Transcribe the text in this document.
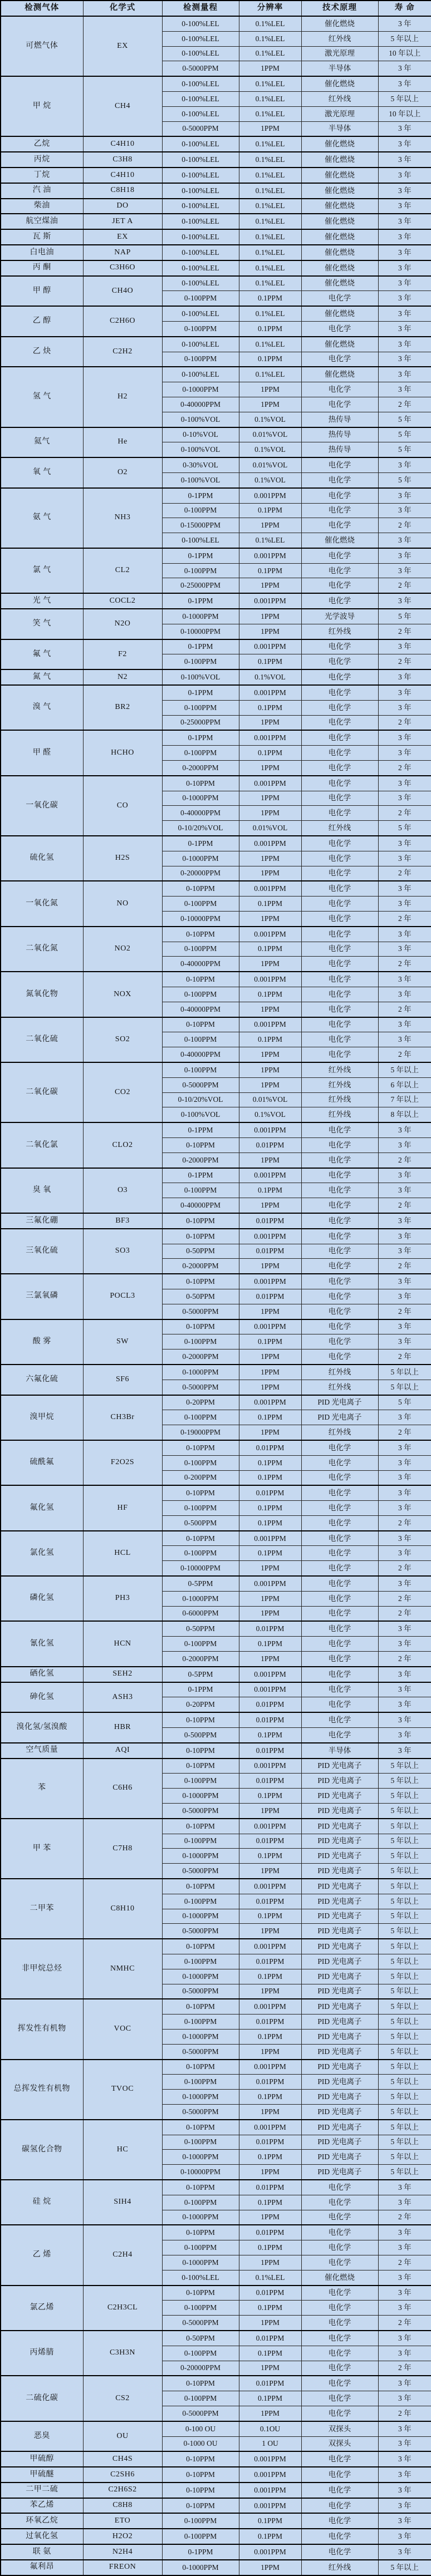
检测气体	化学式	检测量程	分辨率	技术原理	寿 命
可燃气体	EX	0-100%LEL	0.1%LEL	催化燃烧	3 年
		0-100%LEL	0.1%LEL	红外线	5 年以上
		0-100%LEL	0.1%LEL	激光原理	10 年以上
		0-5000PPM	1PPM	半导体	3 年
甲 烷	CH4	0-100%LEL	0.1%LEL	催化燃烧	3 年
		0-100%LEL	0.1%LEL	红外线	5 年以上
		0-100%LEL	0.1%LEL	激光原理	10 年以上
		0-5000PPM	1PPM	半导体	3 年
乙烷	C4H10	0-100%LEL	0.1%LEL	催化燃烧	3 年
丙烷	C3H8	0-100%LEL	0.1%LEL	催化燃烧	3 年
丁烷	C4H10	0-100%LEL	0.1%LEL	催化燃烧	3 年
汽 油	C8H18	0-100%LEL	0.1%LEL	催化燃烧	3 年
柴油	DO	0-100%LEL	0.1%LEL	催化燃烧	3 年
航空煤油	JET A	0-100%LEL	0.1%LEL	催化燃烧	3 年
瓦 斯	EX	0-100%LEL	0.1%LEL	催化燃烧	3 年
白电油	NAP	0-100%LEL	0.1%LEL	催化燃烧	3 年
丙 酮	C3H6O	0-100%LEL	0.1%LEL	催化燃烧	3 年
甲 醇	CH4O	0-100%LEL	0.1%LEL	催化燃烧	3 年
		0-100PPM	0.1PPM	电化学	3 年
乙 醇	C2H6O	0-100%LEL	0.1%LEL	催化燃烧	3 年
		0-100PPM	0.1PPM	电化学	3 年
乙 炔	C2H2	0-100%LEL	0.1%LEL	催化燃烧	3 年
		0-100PPM	0.1PPM	电化学	3 年
氢 气	H2	0-100%LEL	0.1%LEL	催化燃烧	3 年
		0-1000PPM	1PPM	电化学	3 年
		0-40000PPM	1PPM	电化学	2 年
		0-100%VOL	0.1%VOL	热传导	5 年
氦气	He	0-10%VOL	0.01%VOL	热传导	5 年
		0-100%VOL	0.1%VOL	热传导	5 年
氧 气	O2	0-30%VOL	0.01%VOL	电化学	3 年
		0-100%VOL	0.1%VOL	电化学	5 年
氨 气	NH3	0-1PPM	0.001PPM	电化学	3 年
		0-100PPM	0.1PPM	电化学	3 年
		0-15000PPM	1PPM	电化学	2 年
		0-100%LEL	0.1%LEL	催化燃烧	3 年
氯 气	CL2	0-1PPM	0.001PPM	电化学	3 年
		0-100PPM	0.1PPM	电化学	3 年
		0-25000PPM	1PPM	电化学	2 年
光 气	COCL2	0-1PPM	0.001PPM	电化学	3 年
笑 气	N2O	0-1000PPM	1PPM	光学波导	5 年
		0-10000PPM	1PPM	红外线	2 年
氟 气	F2	0-1PPM	0.001PPM	电化学	3 年
		0-100PPM	0.1PPM	电化学	2 年
氮 气	N2	0-100%VOL	0.1%VOL	电化学	3 年
溴 气	BR2	0-1PPM	0.001PPM	电化学	3 年
		0-100PPM	0.1PPM	电化学	3 年
		0-25000PPM	1PPM	电化学	2 年
甲 醛	HCHO	0-1PPM	0.001PPM	电化学	3 年
		0-100PPM	0.1PPM	电化学	3 年
		0-2000PPM	1PPM	电化学	2 年
一氧化碳	CO	0-10PPM	0.001PPM	电化学	3 年
		0-1000PPM	1PPM	电化学	3 年
		0-40000PPM	1PPM	电化学	2 年
		0-10/20%VOL	0.01%VOL	红外线	5 年
硫化氢	H2S	0-1PPM	0.001PPM	电化学	3 年
		0-1000PPM	1PPM	电化学	3 年
		0-20000PPM	1PPM	电化学	2 年
一氧化氮	NO	0-10PPM	0.001PPM	电化学	3 年
		0-100PPM	0.1PPM	电化学	3 年
		0-10000PPM	1PPM	电化学	2 年
二氧化氮	NO2	0-10PPM	0.001PPM	电化学	3 年
		0-100PPM	0.1PPM	电化学	3 年
		0-40000PPM	1PPM	电化学	2 年
氮氧化物	NOX	0-10PPM	0.001PPM	电化学	3 年
		0-100PPM	0.1PPM	电化学	3 年
		0-40000PPM	1PPM	电化学	2 年
二氧化硫	SO2	0-10PPM	0.001PPM	电化学	3 年
		0-100PPM	0.1PPM	电化学	3 年
		0-40000PPM	1PPM	电化学	2 年
二氧化碳	CO2	0-100PPM	1PPM	红外线	5 年以上
		0-5000PPM	1PPM	红外线	6 年以上
		0-10/20%VOL	0.01%VOL	红外线	7 年以上
		0-100%VOL	0.1%VOL	红外线	8 年以上
二氧化氯	CLO2	0-1PPM	0.001PPM	电化学	3 年
		0-10PPM	0.01PPM	电化学	3 年
		0-2000PPM	1PPM	电化学	2 年
臭 氧	O3	0-1PPM	0.001PPM	电化学	3 年
		0-100PPM	0.1PPM	电化学	3 年
		0-40000PPM	1PPM	电化学	2 年
三氟化硼	BF3	0-10PPM	0.01PPM	电化学	3 年
三氧化硫	SO3	0-10PPM	0.001PPM	电化学	3 年
		0-50PPM	0.01PPM	电化学	3 年
		0-2000PPM	1PPM	电化学	2 年
三氯氧磷	POCL3	0-10PPM	0.001PPM	电化学	3 年
		0-50PPM	0.01PPM	电化学	3 年
		0-5000PPM	1PPM	电化学	2 年
酸 雾	SW	0-10PPM	0.001PPM	电化学	3 年
		0-100PPM	0.1PPM	电化学	3 年
		0-2000PPM	1PPM	电化学	2 年
六氟化硫	SF6	0-1000PPM	1PPM	红外线	5 年以上
		0-5000PPM	1PPM	红外线	5 年以上
溴甲烷	CH3Br	0-20PPM	0.001PPM	PID 光电离子	5 年
		0-100PPM	0.1PPM	PID 光电离子	3 年
		0-19000PPM	1PPM	红外线	2 年
硫酰氟	F2O2S	0-10PPM	0.01PPM	电化学	3 年
		0-100PPM	0.1PPM	电化学	3 年
		0-200PPM	0.1PPM	电化学	3 年
氟化氢	HF	0-10PPM	0.01PPM	电化学	3 年
		0-100PPM	0.1PPM	电化学	3 年
		0-500PPM	0.1PPM	电化学	2 年
氯化氢	HCL	0-10PPM	0.001PPM	电化学	3 年
		0-100PPM	0.1PPM	电化学	3 年
		0-10000PPM	1PPM	电化学	2 年
磷化氢	PH3	0-5PPM	0.001PPM	电化学	3 年
		0-1000PPM	1PPM	电化学	2 年
		0-6000PPM	1PPM	电化学	2 年
氰化氢	HCN	0-50PPM	0.01PPM	电化学	3 年
		0-100PPM	0.1PPM	电化学	3 年
		0-2000PPM	1PPM	电化学	2 年
硒化氢	SEH2	0-5PPM	0.001PPM	电化学	3 年
砷化氢	ASH3	0-1PPM	0.001PPM	电化学	3 年
		0-20PPM	0.01PPM	电化学	3 年
溴化氢/氢溴酸	HBR	0-10PPM	0.01PPM	电化学	3 年
		0-500PPM	0.1PPM	电化学	3 年
空气质量	AQI	0-10PPM	0.01PPM	半导体	3 年
苯	C6H6	0-10PPM	0.001PPM	PID 光电离子	5 年以上
		0-100PPM	0.01PPM	PID 光电离子	5 年以上
		0-1000PPM	0.1PPM	PID 光电离子	5 年以上
		0-5000PPM	1PPM	PID 光电离子	5 年以上
甲 苯	C7H8	0-10PPM	0.001PPM	PID 光电离子	5 年以上
		0-100PPM	0.01PPM	PID 光电离子	5 年以上
		0-1000PPM	0.1PPM	PID 光电离子	5 年以上
		0-5000PPM	1PPM	PID 光电离子	5 年以上
二甲苯	C8H10	0-10PPM	0.001PPM	PID 光电离子	5 年以上
		0-100PPM	0.01PPM	PID 光电离子	5 年以上
		0-1000PPM	0.1PPM	PID 光电离子	5 年以上
		0-5000PPM	1PPM	PID 光电离子	5 年以上
非甲烷总烃	NMHC	0-10PPM	0.001PPM	PID 光电离子	5 年以上
		0-100PPM	0.01PPM	PID 光电离子	5 年以上
		0-1000PPM	0.1PPM	PID 光电离子	5 年以上
		0-5000PPM	1PPM	PID 光电离子	5 年以上
挥发性有机物	VOC	0-10PPM	0.001PPM	PID 光电离子	5 年以上
		0-100PPM	0.01PPM	PID 光电离子	5 年以上
		0-1000PPM	0.1PPM	PID 光电离子	5 年以上
		0-5000PPM	1PPM	PID 光电离子	5 年以上
总挥发性有机物	TVOC	0-10PPM	0.001PPM	PID 光电离子	5 年以上
		0-100PPM	0.01PPM	PID 光电离子	5 年以上
		0-1000PPM	0.1PPM	PID 光电离子	5 年以上
		0-5000PPM	1PPM	PID 光电离子	5 年以上
碳氢化合物	HC	0-10PPM	0.001PPM	PID 光电离子	5 年以上
		0-100PPM	0.01PPM	PID 光电离子	5 年以上
		0-1000PPM	0.1PPM	PID 光电离子	5 年以上
		0-10000PPM	1PPM	PID 光电离子	5 年以上
硅 烷	SIH4	0-10PPM	0.01PPM	电化学	3 年
		0-100PPM	0.1PPM	电化学	3 年
		0-1000PPM	1PPM	电化学	2 年
乙 烯	C2H4	0-10PPM	0.01PPM	电化学	3 年
		0-100PPM	0.1PPM	电化学	3 年
		0-1000PPM	1PPM	电化学	2 年
		0-100%LEL	0.1%LEL	催化燃烧	3 年
氯乙烯	C2H3CL	0-10PPM	0.01PPM	电化学	3 年
		0-100PPM	0.1PPM	电化学	3 年
		0-5000PPM	1PPM	电化学	2 年
丙烯腈	C3H3N	0-50PPM	0.01PPM	电化学	3 年
		0-100PPM	0.1PPM	电化学	3 年
		0-20000PPM	1PPM	电化学	2 年
二硫化碳	CS2	0-10PPM	0.01PPM	电化学	3 年
		0-100PPM	0.1PPM	电化学	3 年
		0-5000PPM	1PPM	电化学	2 年
恶臭	OU	0-100 OU	0.1OU	双探头	3 年
		0-1000 OU	1 OU	双探头	3 年
甲硫醇	CH4S	0-10PPM	0.001PPM	电化学	3 年
甲硫醚	C2SH6	0-10PPM	0.001PPM	电化学	3 年
二甲二硫	C2H6S2	0-10PPM	0.001PPM	电化学	3 年
苯乙烯	C8H8	0-10PPM	0.001PPM	电化学	3 年
环氧乙烷	ETO	0-100PPM	0.1PPM	电化学	3 年
过氧化氢	H2O2	0-100PPM	0.1PPM	电化学	3 年
联 氨	N2H4	0-1PPM	0.001PPM	电化学	3 年
氟利昂	FREON	0-1000PPM	1PPM	红外线	5 年以上
